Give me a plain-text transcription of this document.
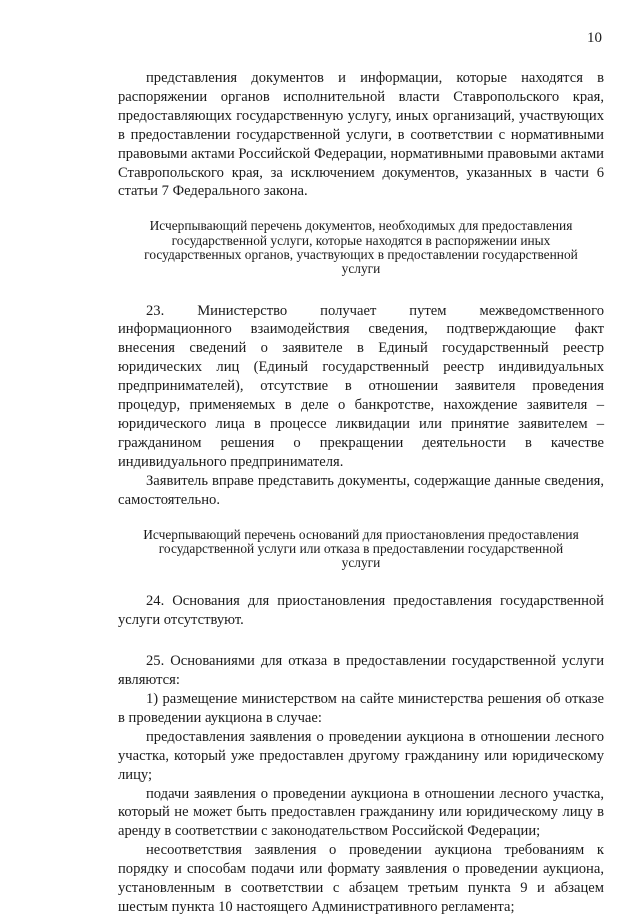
10

представления документов и информации, которые находятся в распоряжении органов исполнительной власти Ставропольского края, предоставляющих государственную услугу, иных организаций, участвующих в предоставлении государственной услуги, в соответствии с нормативными правовыми актами Российской Федерации, нормативными правовыми актами Ставропольского края, за исключением документов, указанных в части 6 статьи 7 Федерального закона.

Исчерпывающий перечень документов, необходимых для предоставления государственной услуги, которые находятся в распоряжении иных государственных органов, участвующих в предоставлении государственной услуги

23. Министерство получает путем межведомственного информационного взаимодействия сведения, подтверждающие факт внесения сведений о заявителе в Единый государственный реестр юридических лиц (Единый государственный реестр индивидуальных предпринимателей), отсутствие в отношении заявителя проведения процедур, применяемых в деле о банкротстве, нахождение заявителя – юридического лица в процессе ликвидации или принятие заявителем – гражданином решения о прекращении деятельности в качестве индивидуального предпринимателя.

Заявитель вправе представить документы, содержащие данные сведения, самостоятельно.

Исчерпывающий перечень оснований для приостановления предоставления государственной услуги или отказа в предоставлении государственной услуги

24. Основания для приостановления предоставления государственной услуги отсутствуют.

25. Основаниями для отказа в предоставлении государственной услуги являются:

1) размещение министерством на сайте министерства решения об отказе в проведении аукциона в случае:

предоставления заявления о проведении аукциона в отношении лесного участка, который уже предоставлен другому гражданину или юридическому лицу;

подачи заявления о проведении аукциона в отношении лесного участка, который не может быть предоставлен гражданину или юридическому лицу в аренду в соответствии с законодательством Российской Федерации;

несоответствия заявления о проведении аукциона требованиям к порядку и способам подачи или формату заявления о проведении аукциона, установленным в соответствии с абзацем третьим пункта 9 и абзацем шестым пункта 10 настоящего Административного регламента;
